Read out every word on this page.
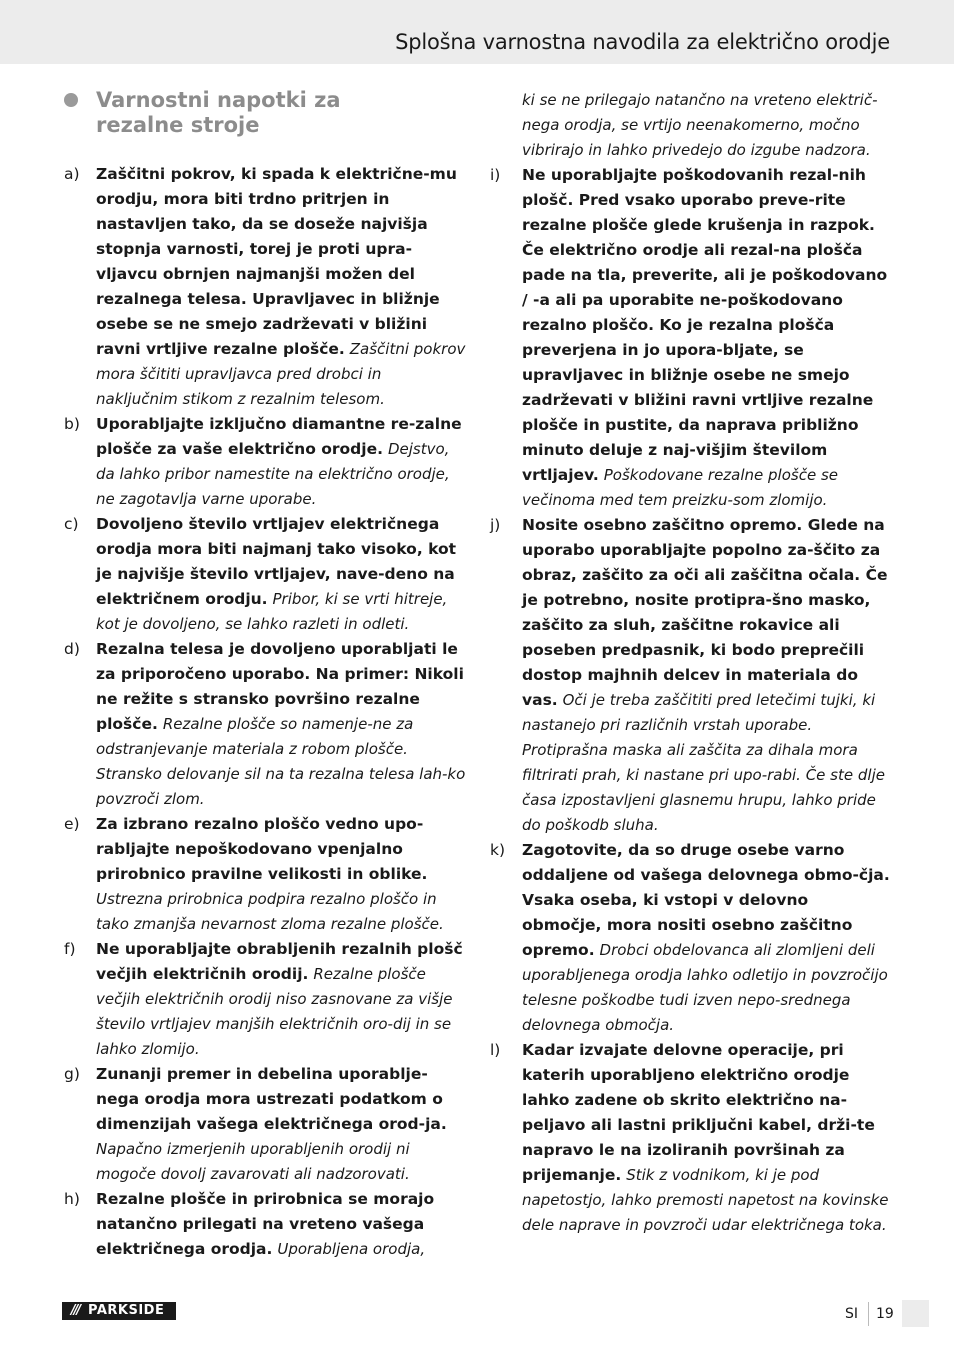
Splošna varnostna navodila za električno orodje
Varnostni napotki za
rezalne stroje
a) Zaščitni pokrov, ki spada k električne-mu orodju, mora biti trdno pritrjen in nastavljen tako, da se doseže najvišja stopnja varnosti, torej je proti upra-vljavcu obrnjen najmanjši možen del rezalnega telesa. Upravljavec in bližnje osebe se ne smejo zadrževati v bližini ravni vrtljive rezalne plošče. Zaščitni pokrov mora ščititi upravljavca pred drobci in naključnim stikom z rezalnim telesom.
b) Uporabljajte izključno diamantne re-zalne plošče za vaše električno orodje. Dejstvo, da lahko pribor namestite na električno orodje, ne zagotavlja varne uporabe.
c) Dovoljeno število vrtljajev električnega orodja mora biti najmanj tako visoko, kot je najvišje število vrtljajev, nave-deno na električnem orodju. Pribor, ki se vrti hitreje, kot je dovoljeno, se lahko razleti in odleti.
d) Rezalna telesa je dovoljeno uporabljati le za priporočeno uporabo. Na primer: Nikoli ne režite s stransko površino rezalne plošče. Rezalne plošče so namenje-ne za odstranjevanje materiala z robom plošče. Stransko delovanje sil na ta rezalna telesa lah-ko povzroči zlom.
e) Za izbrano rezalno ploščo vedno upo-rabljajte nepoškodovano vpenjalno prirobnico pravilne velikosti in oblike. Ustrezna prirobnica podpira rezalno ploščo in tako zmanjša nevarnost zloma rezalne plošče.
f) Ne uporabljajte obrabljenih rezalnih plošč večjih električnih orodij. Rezalne plošče večjih električnih orodij niso zasnovane za višje število vrtljajev manjših električnih oro-dij in se lahko zlomijo.
g) Zunanji premer in debelina uporablje-nega orodja mora ustrezati podatkom o dimenzijah vašega električnega orod-ja. Napačno izmerjenih uporabljenih orodij ni mogoče dovolj zavarovati ali nadzorovati.
h) Rezalne plošče in prirobnica se morajo natančno prilegati na vreteno vašega električnega orodja. Uporabljena orodja,
ki se ne prilegajo natančno na vreteno električ-nega orodja, se vrtijo neenakomerno, močno vibrirajo in lahko privedejo do izgube nadzora.
i) Ne uporabljajte poškodovanih rezal-nih plošč. Pred vsako uporabo preve-rite rezalne plošče glede krušenja in razpok. Če električno orodje ali rezal-na plošča pade na tla, preverite, ali je poškodovano / -a ali pa uporabite ne-poškodovano rezalno ploščo. Ko je rezalna plošča preverjena in jo upora-bljate, se upravljavec in bližnje osebe ne smejo zadrževati v bližini ravni vrtljive rezalne plošče in pustite, da naprava približno minuto deluje z naj-višjim številom vrtljajev. Poškodovane rezalne plošče se večinoma med tem preizku-som zlomijo.
j) Nosite osebno zaščitno opremo. Glede na uporabo uporabljajte popolno za-ščito za obraz, zaščito za oči ali zaščitna očala. Če je potrebno, nosite protipra-šno masko, zaščito za sluh, zaščitne rokavice ali poseben predpasnik, ki bodo preprečili dostop majhnih delcev in materiala do vas. Oči je treba zaščititi pred letečimi tujki, ki nastanejo pri različnih vrstah uporabe. Protiprašna maska ali zaščita za dihala mora filtrirati prah, ki nastane pri upo-rabi. Če ste dlje časa izpostavljeni glasnemu hrupu, lahko pride do poškodb sluha.
k) Zagotovite, da so druge osebe varno oddaljene od vašega delovnega obmo-čja. Vsaka oseba, ki vstopi v delovno območje, mora nositi osebno zaščitno opremo. Drobci obdelovanca ali zlomljeni deli uporabljenega orodja lahko odletijo in povzročijo telesne poškodbe tudi izven nepo-srednega delovnega območja.
l) Kadar izvajate delovne operacije, pri katerih uporabljeno električno orodje lahko zadene ob skrito električno na-peljavo ali lastni priključni kabel, drži-te napravo le na izoliranih površinah za prijemanje. Stik z vodnikom, ki je pod napetostjo, lahko premosti napetost na kovinske dele naprave in povzroči udar električnega toka.
/// PARKSIDE	SI 19
